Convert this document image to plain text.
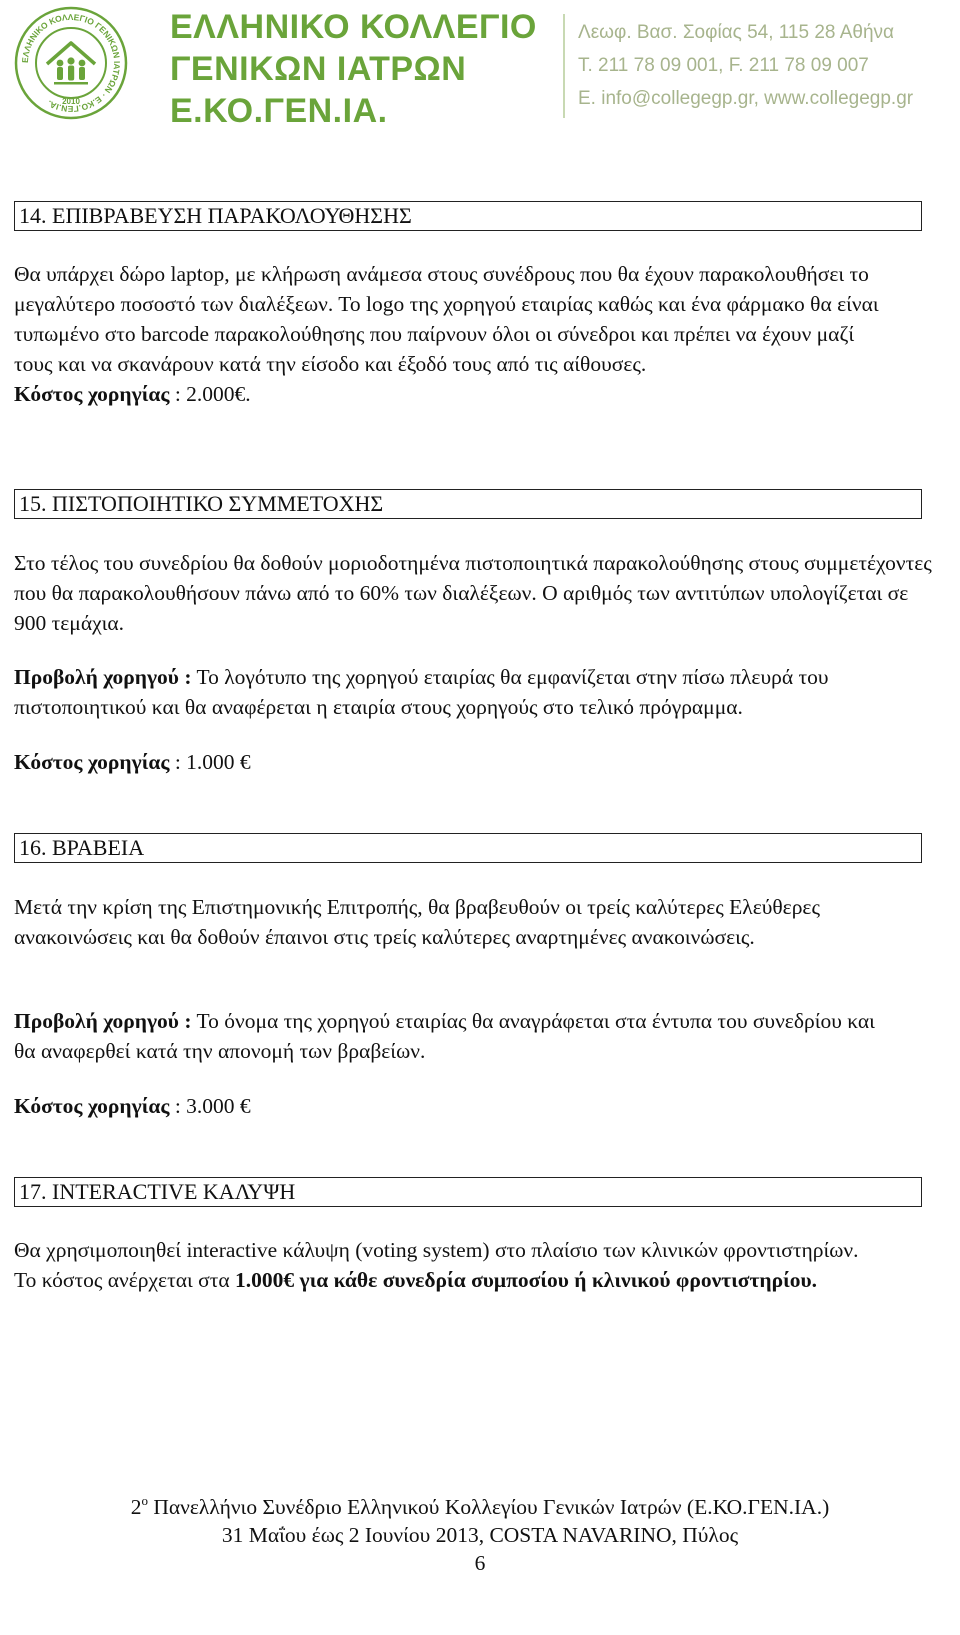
ΕΛΛΗΝΙΚΟ ΚΟΛΛΕΓΙΟ ΓΕΝΙΚΩΝ ΙΑΤΡΩΝ · Ε.ΚΟ.ΓΕΝ.ΙΑ.	2010
ΕΛΛΗΝΙΚΟ ΚΟΛΛΕΓΙΟ
ΓΕΝΙΚΩΝ ΙΑΤΡΩΝ
Ε.ΚΟ.ΓΕΝ.ΙΑ.
Λεωφ. Βασ. Σοφίας 54, 115 28 Αθήνα
T. 211 78 09 001, F. 211 78 09 007
E. info@collegegp.gr, www.collegegp.gr
14. ΕΠΙΒΡΑΒΕΥΣΗ ΠΑΡΑΚΟΛΟΥΘΗΣΗΣ

Θα υπάρχει δώρο laptop, με κλήρωση ανάμεσα στους συνέδρους που θα έχουν παρακολουθήσει το μεγαλύτερο ποσοστό των διαλέξεων. Το logo της χορηγού εταιρίας καθώς και ένα φάρμακο θα είναι τυπωμένο στο barcode παρακολούθησης που παίρνουν όλοι οι σύνεδροι και πρέπει να έχουν μαζί τους και να σκανάρουν κατά την είσοδο και έξοδό τους από τις αίθουσες.

Κόστος χορηγίας : 2.000€.

15. ΠΙΣΤΟΠΟΙΗΤΙΚΟ ΣΥΜΜΕΤΟΧΗΣ

Στο τέλος του συνεδρίου θα δοθούν μοριοδοτημένα πιστοποιητικά παρακολούθησης στους συμμετέχοντες που θα παρακολουθήσουν πάνω από το 60% των διαλέξεων. Ο αριθμός των αντιτύπων υπολογίζεται σε 900 τεμάχια.

Προβολή χορηγού : Το λογότυπο της χορηγού εταιρίας θα εμφανίζεται στην πίσω πλευρά του πιστοποιητικού και θα αναφέρεται η εταιρία στους χορηγούς στο τελικό πρόγραμμα.

Κόστος χορηγίας : 1.000 €

16. ΒΡΑΒΕΙΑ

Μετά την κρίση της Επιστημονικής Επιτροπής, θα βραβευθούν οι τρείς καλύτερες Ελεύθερες ανακοινώσεις και θα δοθούν έπαινοι στις τρείς καλύτερες αναρτημένες ανακοινώσεις.

Προβολή χορηγού : Το όνομα της χορηγού εταιρίας θα αναγράφεται στα έντυπα του συνεδρίου και θα αναφερθεί κατά την απονομή των βραβείων.

Κόστος χορηγίας : 3.000 €

17. INTERACTIVE ΚΑΛΥΨΗ

Θα χρησιμοποιηθεί interactive κάλυψη (voting system) στο πλαίσιο των κλινικών φροντιστηρίων. Το κόστος ανέρχεται στα 1.000€ για κάθε συνεδρία συμποσίου ή κλινικού φροντιστηρίου.

$2^o$ Πανελλήνιο Συνέδριο Ελληνικού Κολλεγίου Γενικών Ιατρών (Ε.ΚΟ.ΓΕΝ.ΙΑ.)
31 Μαΐου έως 2 Ιουνίου 2013, COSTA NAVARINO, Πύλος
6
